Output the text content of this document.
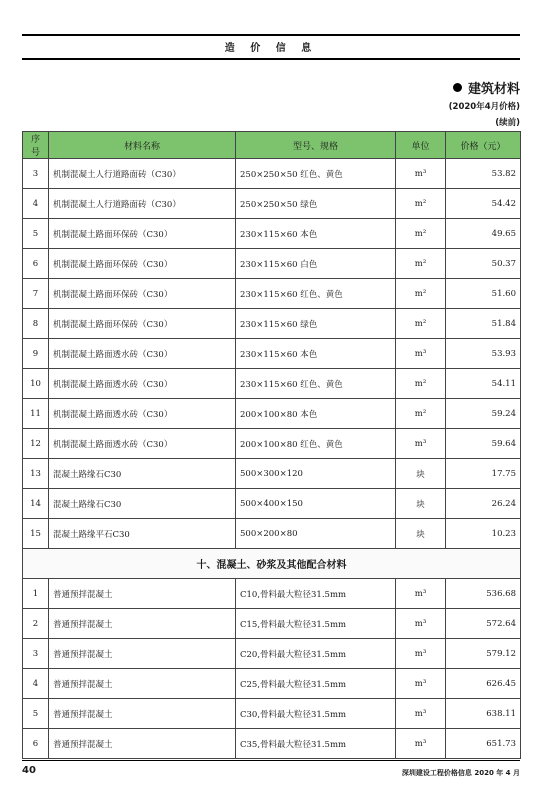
造 价 信 息
建筑材料
(2020年4月价格)
(续前)
序号	材料名称	型号、规格	单位	价格（元）
3	机制混凝土人行道路面砖（C30）	250×250×50 红色、黄色	m³	53.82
4	机制混凝土人行道路面砖（C30）	250×250×50 绿色	m²	54.42
5	机制混凝土路面环保砖（C30）	230×115×60 本色	m²	49.65
6	机制混凝土路面环保砖（C30）	230×115×60 白色	m²	50.37
7	机制混凝土路面环保砖（C30）	230×115×60 红色、黄色	m²	51.60
8	机制混凝土路面环保砖（C30）	230×115×60 绿色	m²	51.84
9	机制混凝土路面透水砖（C30）	230×115×60 本色	m³	53.93
10	机制混凝土路面透水砖（C30）	230×115×60 红色、黄色	m²	54.11
11	机制混凝土路面透水砖（C30）	200×100×80 本色	m²	59.24
12	机制混凝土路面透水砖（C30）	200×100×80 红色、黄色	m³	59.64
13	混凝土路缘石C30	500×300×120	块	17.75
14	混凝土路缘石C30	500×400×150	块	26.24
15	混凝土路缘平石C30	500×200×80	块	10.23
十、混凝土、砂浆及其他配合材料				
1	普通预拌混凝土	C10,骨料最大粒径31.5mm	m³	536.68
2	普通预拌混凝土	C15,骨料最大粒径31.5mm	m³	572.64
3	普通预拌混凝土	C20,骨料最大粒径31.5mm	m³	579.12
4	普通预拌混凝土	C25,骨料最大粒径31.5mm	m³	626.45
5	普通预拌混凝土	C30,骨料最大粒径31.5mm	m³	638.11
6	普通预拌混凝土	C35,骨料最大粒径31.5mm	m³	651.73
40	深圳建设工程价格信息 2020 年 4 月
